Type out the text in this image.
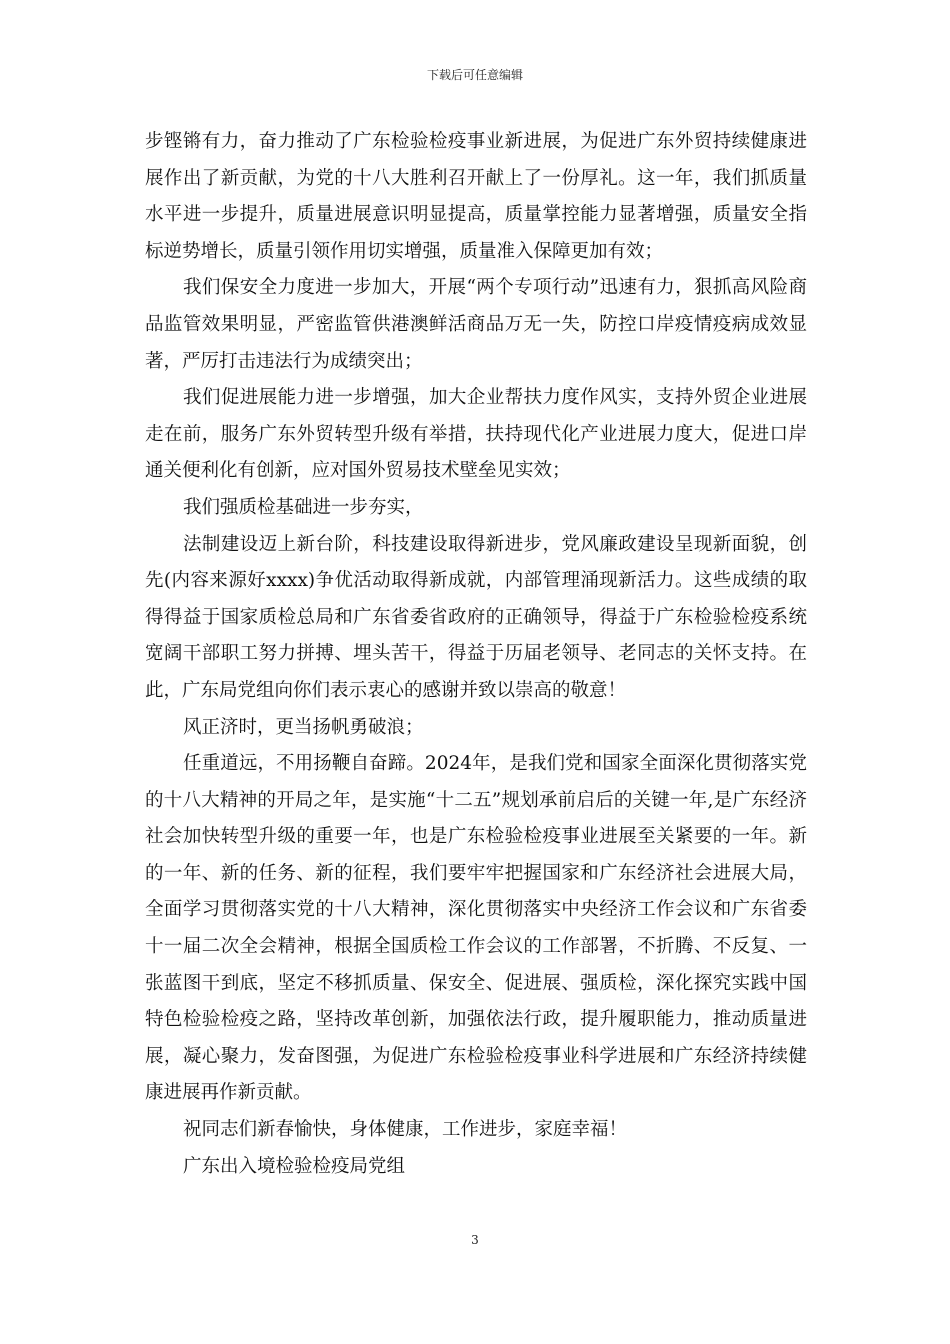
下载后可任意编辑

步铿锵有力，奋力推动了广东检验检疫事业新进展，为促进广东外贸持续健康进展作出了新贡献，为党的十八大胜利召开献上了一份厚礼。这一年，我们抓质量水平进一步提升，质量进展意识明显提高，质量掌控能力显著增强，质量安全指标逆势增长，质量引领作用切实增强，质量准入保障更加有效；

我们保安全力度进一步加大，开展“两个专项行动”迅速有力，狠抓高风险商品监管效果明显，严密监管供港澳鲜活商品万无一失，防控口岸疫情疫病成效显著，严厉打击违法行为成绩突出；

我们促进展能力进一步增强，加大企业帮扶力度作风实，支持外贸企业进展走在前，服务广东外贸转型升级有举措，扶持现代化产业进展力度大，促进口岸通关便利化有创新，应对国外贸易技术壁垒见实效；

我们强质检基础进一步夯实，

法制建设迈上新台阶，科技建设取得新进步，党风廉政建设呈现新面貌，创先(内容来源好xxxx)争优活动取得新成就，内部管理涌现新活力。这些成绩的取得得益于国家质检总局和广东省委省政府的正确领导，得益于广东检验检疫系统宽阔干部职工努力拼搏、埋头苦干，得益于历届老领导、老同志的关怀支持。在此，广东局党组向你们表示衷心的感谢并致以崇高的敬意！

风正济时，更当扬帆勇破浪；

任重道远，不用扬鞭自奋蹄。2024年，是我们党和国家全面深化贯彻落实党的十八大精神的开局之年，是实施“十二五”规划承前启后的关键一年,是广东经济社会加快转型升级的重要一年，也是广东检验检疫事业进展至关紧要的一年。新的一年、新的任务、新的征程，我们要牢牢把握国家和广东经济社会进展大局，全面学习贯彻落实党的十八大精神，深化贯彻落实中央经济工作会议和广东省委十一届二次全会精神，根据全国质检工作会议的工作部署，不折腾、不反复、一张蓝图干到底，坚定不移抓质量、保安全、促进展、强质检，深化探究实践中国特色检验检疫之路，坚持改革创新，加强依法行政，提升履职能力，推动质量进展，凝心聚力，发奋图强，为促进广东检验检疫事业科学进展和广东经济持续健康进展再作新贡献。

祝同志们新春愉快，身体健康，工作进步，家庭幸福！

广东出入境检验检疫局党组

3
